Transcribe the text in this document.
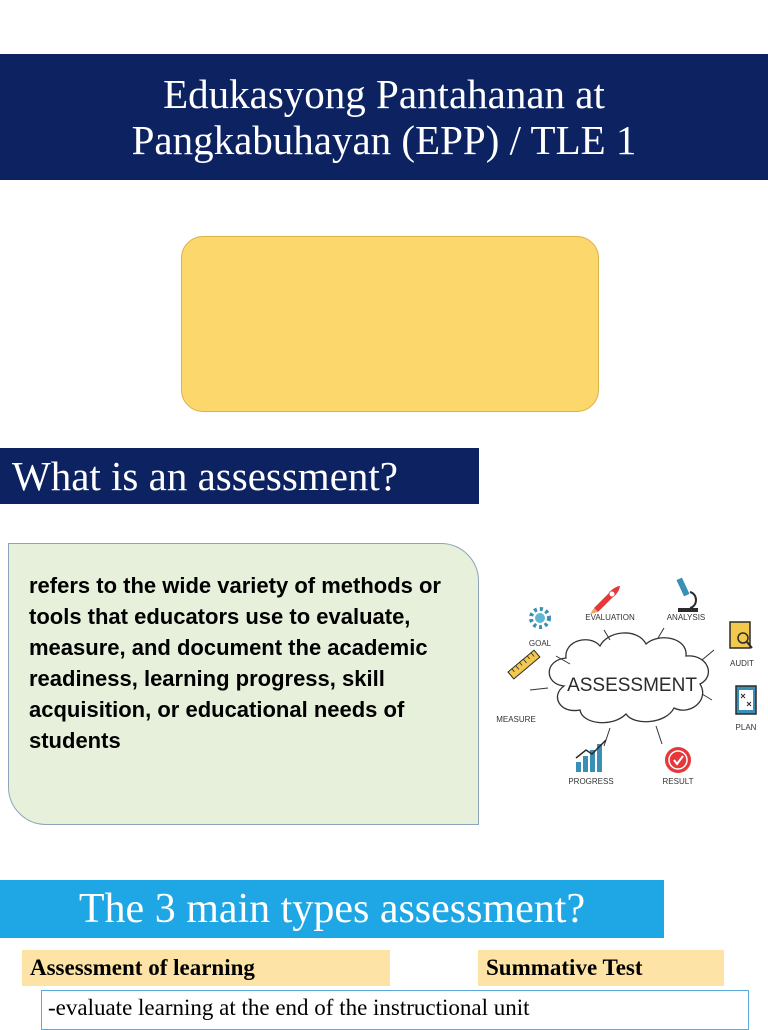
Edukasyong Pantahanan at
Pangkabuhayan (EPP) / TLE 1
What is an assessment?
refers to the wide variety of methods or tools that educators use to evaluate, measure, and document the academic readiness, learning progress, skill acquisition, or educational needs of students
ASSESSMENT
GOAL
EVALUATION	ANALYSIS
AUDIT
PLAN
RESULT
PROGRESS
MEASURE
The 3 main types assessment?
Assessment of learning	Summative Test
-evaluate learning at the end of the instructional unit
